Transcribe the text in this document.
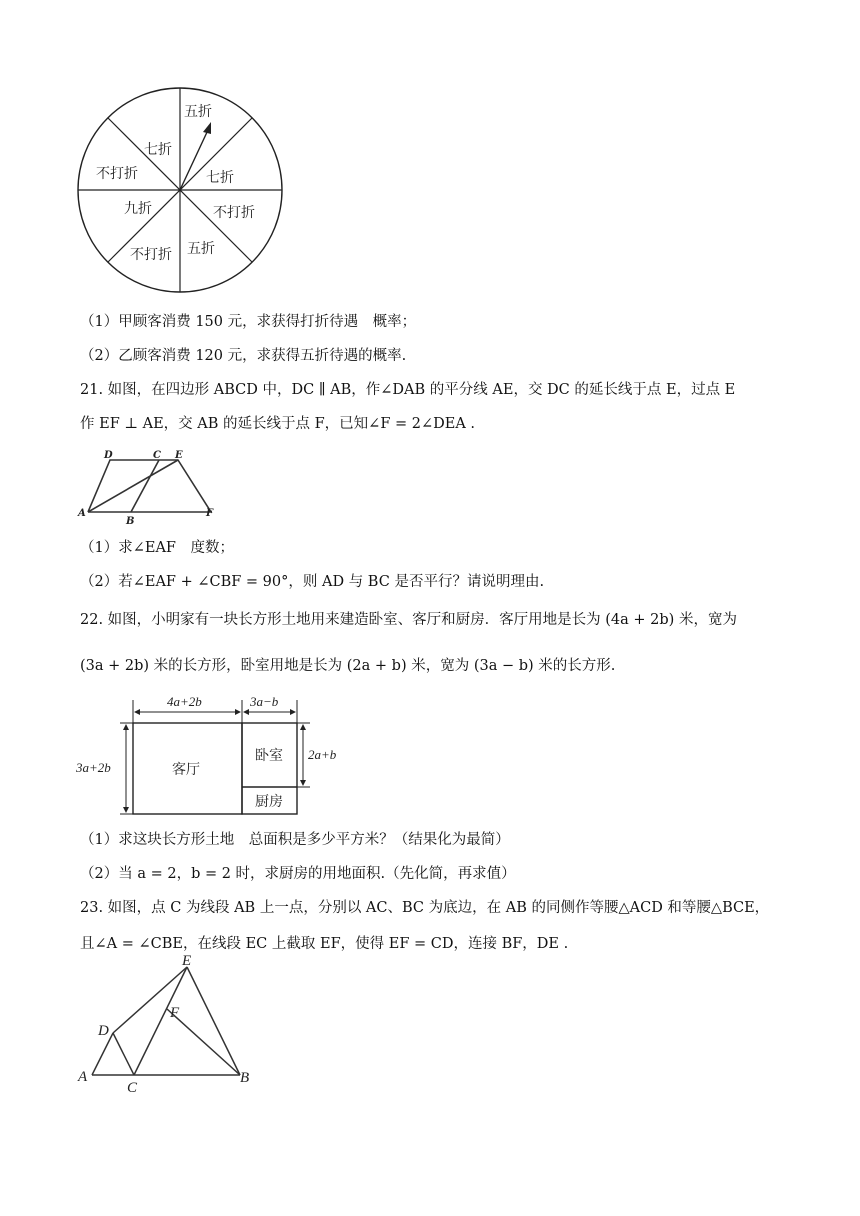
五折
七折
不打折
五折
不打折
九折
不打折
七折
（1）甲顾客消费 150 元，求获得打折待遇　概率；
（2）乙顾客消费 120 元，求获得五折待遇的概率.
21. 如图，在四边形 ABCD 中，DC ∥ AB，作∠DAB 的平分线 AE，交 DC 的延长线于点 E，过点 E
作 EF ⊥ AE，交 AB 的延长线于点 F，已知∠F = 2∠DEA .
D	C E
A
B
F
（1）求∠EAF　度数；
（2）若∠EAF + ∠CBF = 90°，则 AD 与 BC 是否平行？请说明理由.
22. 如图，小明家有一块长方形土地用来建造卧室、客厅和厨房．客厅用地是长为 (4a + 2b) 米，宽为
(3a + 2b) 米的长方形，卧室用地是长为 (2a + b) 米，宽为 (3a − b) 米的长方形.
4a+2b	3a−b
3a+2b
2a+b
客厅
卧室
厨房
（1）求这块长方形土地　总面积是多少平方米？（结果化为最简）
（2）当 a = 2，b = 2 时，求厨房的用地面积.（先化简，再求值）
23. 如图，点 C 为线段 AB 上一点，分别以 AC、BC 为底边，在 AB 的同侧作等腰△ACD 和等腰△BCE，
且∠A = ∠CBE，在线段 EC 上截取 EF，使得 EF = CD，连接 BF，DE .
E
D
F
A
C
B
